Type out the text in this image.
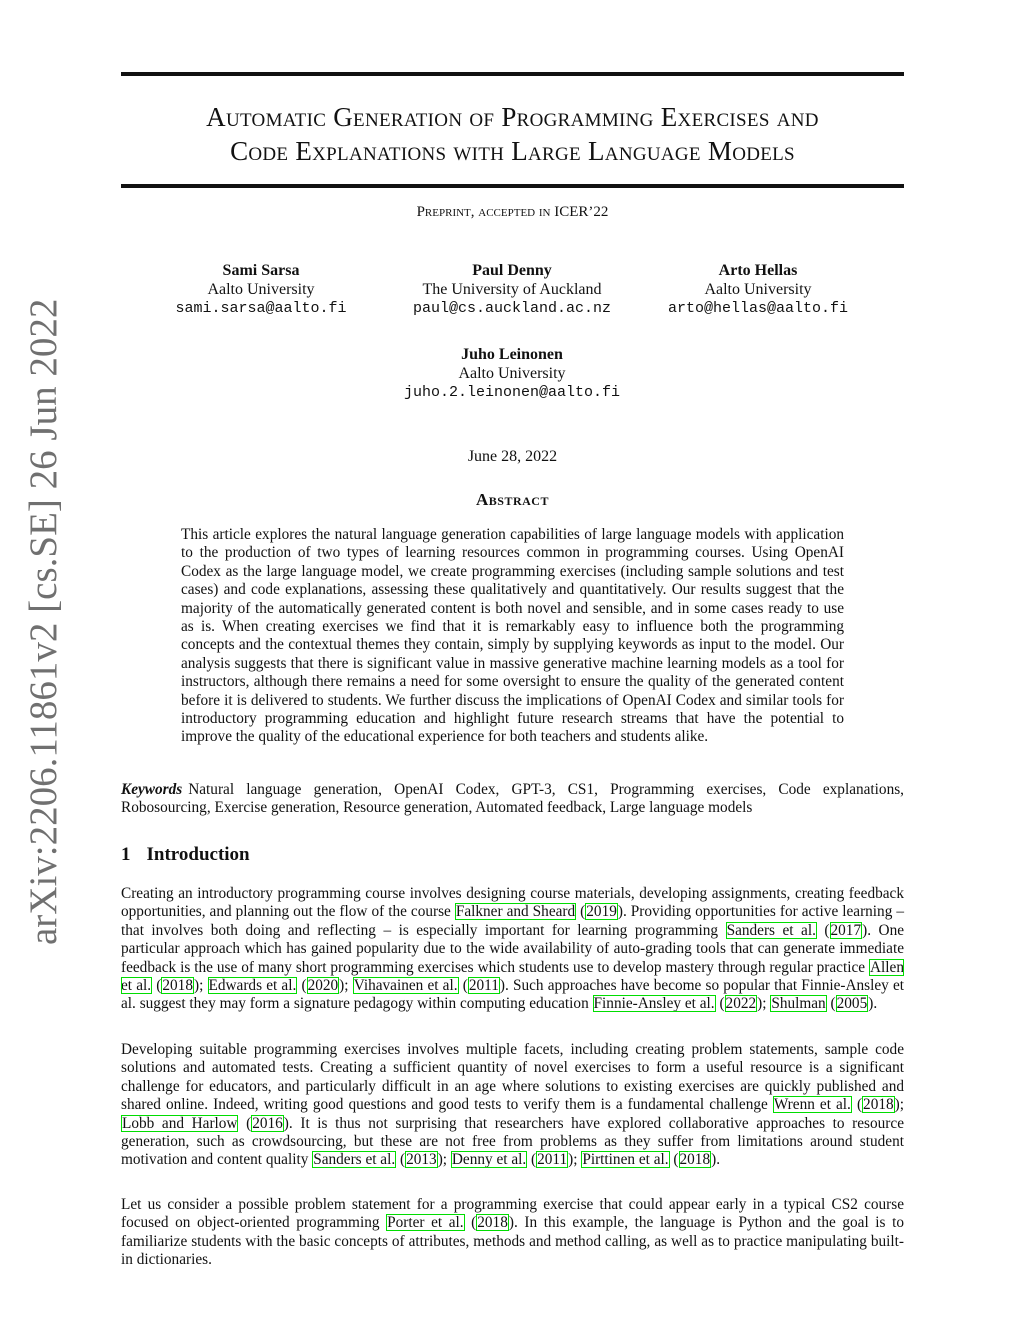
arXiv:2206.11861v2 [cs.SE] 26 Jun 2022
Automatic Generation of Programming Exercises and
Code Explanations with Large Language Models
Preprint, accepted in ICER’22
Sami Sarsa
Aalto University
sami.sarsa@aalto.fi
Paul Denny
The University of Auckland
paul@cs.auckland.ac.nz
Arto Hellas
Aalto University
arto@hellas@aalto.fi
Juho Leinonen
Aalto University
juho.2.leinonen@aalto.fi
June 28, 2022
Abstract
This article explores the natural language generation capabilities of large language models with application to the production of two types of learning resources common in programming courses. Using OpenAI Codex as the large language model, we create programming exercises (including sample solutions and test cases) and code explanations, assessing these qualitatively and quantitatively. Our results suggest that the majority of the automatically generated content is both novel and sensible, and in some cases ready to use as is. When creating exercises we find that it is remarkably easy to influence both the programming concepts and the contextual themes they contain, simply by supplying keywords as input to the model. Our analysis suggests that there is significant value in massive generative machine learning models as a tool for instructors, although there remains a need for some oversight to ensure the quality of the generated content before it is delivered to students. We further discuss the implications of OpenAI Codex and similar tools for introductory programming education and highlight future research streams that have the potential to improve the quality of the educational experience for both teachers and students alike.
Keywords Natural language generation, OpenAI Codex, GPT-3, CS1, Programming exercises, Code explanations, Robosourcing, Exercise generation, Resource generation, Automated feedback, Large language models
1 Introduction
Creating an introductory programming course involves designing course materials, developing assignments, creating feedback opportunities, and planning out the flow of the course Falkner and Sheard (2019). Providing opportunities for active learning – that involves both doing and reflecting – is especially important for learning programming Sanders et al. (2017). One particular approach which has gained popularity due to the wide availability of auto-grading tools that can generate immediate feedback is the use of many short programming exercises which students use to develop mastery through regular practice Allen et al. (2018); Edwards et al. (2020); Vihavainen et al. (2011). Such approaches have become so popular that Finnie-Ansley et al. suggest they may form a signature pedagogy within computing education Finnie-Ansley et al. (2022); Shulman (2005).
Developing suitable programming exercises involves multiple facets, including creating problem statements, sample code solutions and automated tests. Creating a sufficient quantity of novel exercises to form a useful resource is a significant challenge for educators, and particularly difficult in an age where solutions to existing exercises are quickly published and shared online. Indeed, writing good questions and good tests to verify them is a fundamental challenge Wrenn et al. (2018); Lobb and Harlow (2016). It is thus not surprising that researchers have explored collaborative approaches to resource generation, such as crowdsourcing, but these are not free from problems as they suffer from limitations around student motivation and content quality Sanders et al. (2013); Denny et al. (2011); Pirttinen et al. (2018).
Let us consider a possible problem statement for a programming exercise that could appear early in a typical CS2 course focused on object-oriented programming Porter et al. (2018). In this example, the language is Python and the goal is to familiarize students with the basic concepts of attributes, methods and method calling, as well as to practice manipulating built-in dictionaries.
